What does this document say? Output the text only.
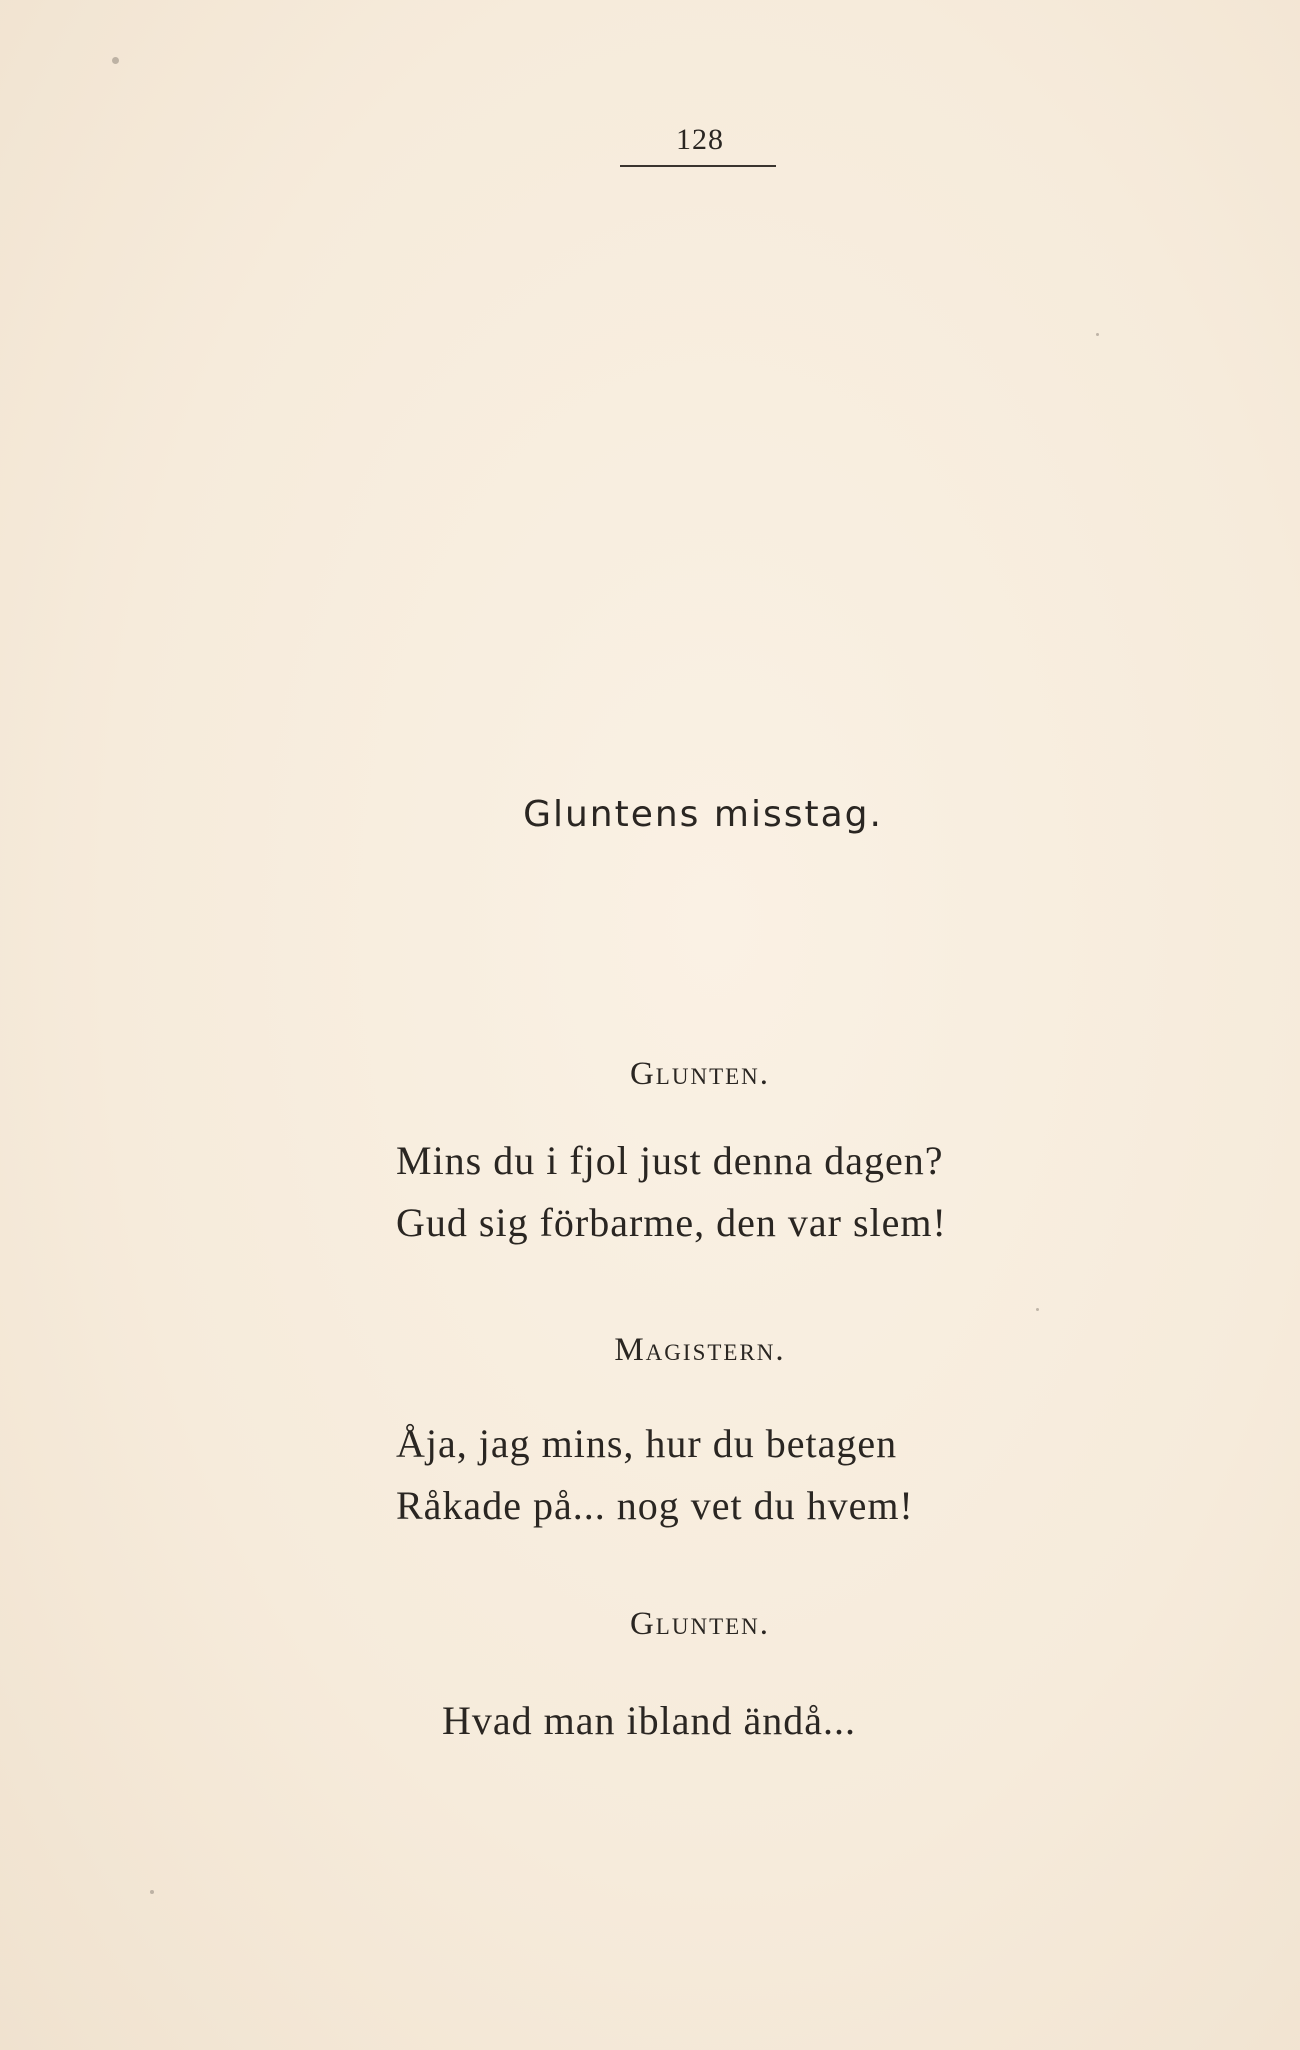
128
Gluntens misstag.
Glunten.
Mins du i fjol just denna dagen?
Gud sig förbarme, den var slem!
Magistern.
Åja, jag mins, hur du betagen
Råkade på... nog vet du hvem!
Glunten.
Hvad man ibland ändå...
